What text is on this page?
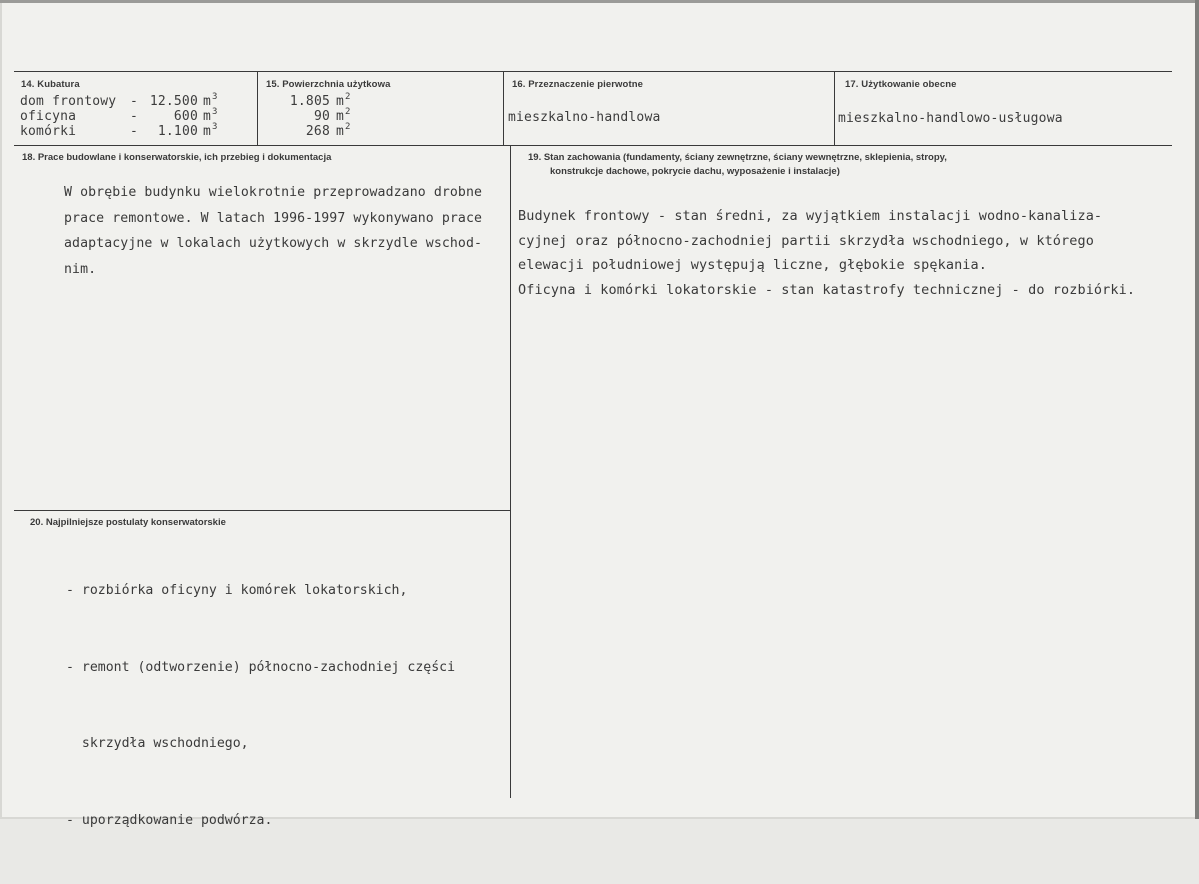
14. Kubatura
dom frontowy
oficyna
komórki
-
-
-
12.500
600
1.100
$m^3$
$m^3$
$m^3$
15. Powierzchnia użytkowa
1.805
90
268
$m^2$
$m^2$
$m^2$
16. Przeznaczenie pierwotne
mieszkalno-handlowa
17. Użytkowanie obecne
mieszkalno-handlowo-usługowa
18. Prace budowlane i konserwatorskie, ich przebieg i dokumentacja
W obrębie budynku wielokrotnie przeprowadzano drobne
prace remontowe. W latach 1996-1997 wykonywano prace
adaptacyjne w lokalach użytkowych w skrzydle wschod-
nim.
19. Stan zachowania (fundamenty, ściany zewnętrzne, ściany wewnętrzne, sklepienia, stropy,
konstrukcje dachowe, pokrycie dachu, wyposażenie i instalacje)
Budynek frontowy - stan średni, za wyjątkiem instalacji wodno-kanaliza-
cyjnej oraz północno-zachodniej partii skrzydła wschodniego, w którego
elewacji południowej występują liczne, głębokie spękania.
Oficyna i komórki lokatorskie - stan katastrofy technicznej - do rozbiórki.
20. Najpilniejsze postulaty konserwatorskie

- rozbiórka oficyny i komórek lokatorskich,

- remont (odtworzenie) północno-zachodniej części

skrzydła wschodniego,

- uporządkowanie podwórza.
